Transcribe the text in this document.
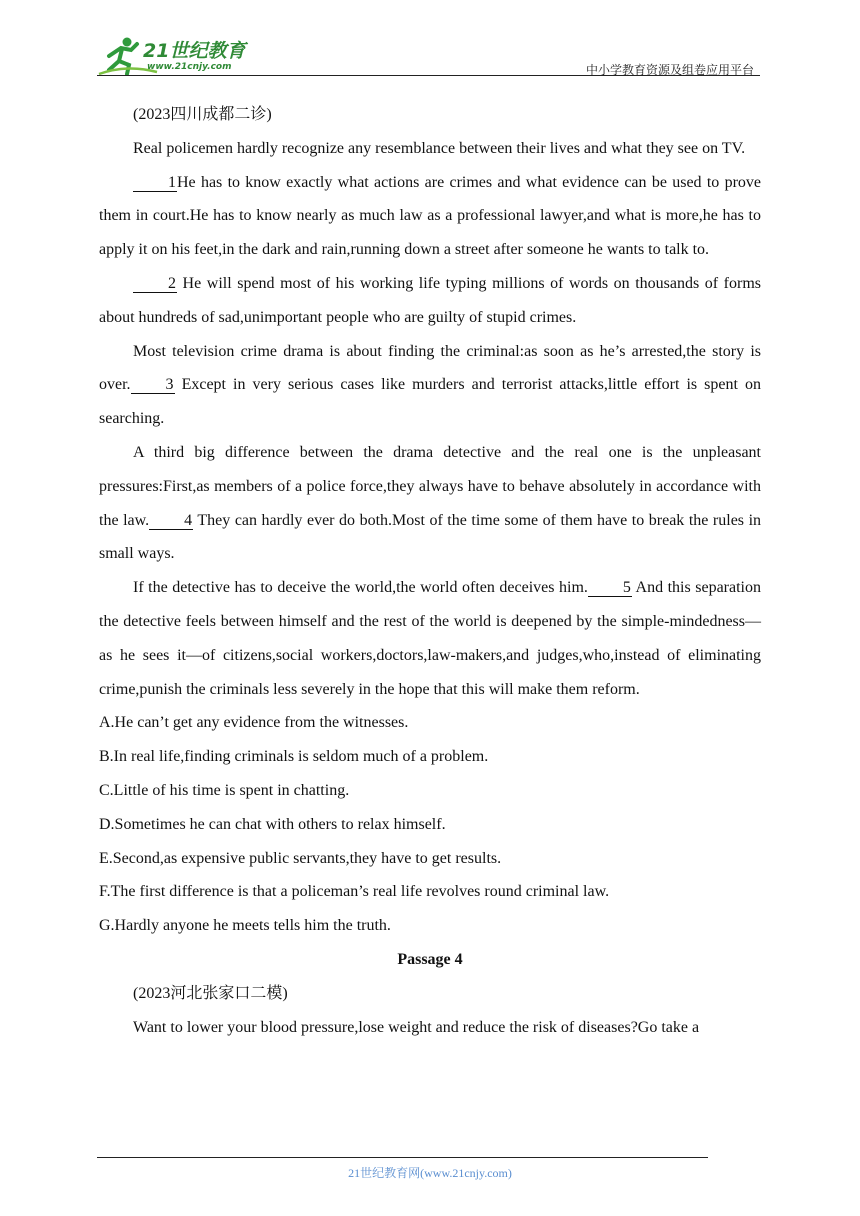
21世纪教育
www.21cnjy.com	中小学教育资源及组卷应用平台

(2023四川成都二诊)

Real policemen hardly recognize any resemblance between their lives and what they see on TV.

1He has to know exactly what actions are crimes and what evidence can be used to prove them in court.He has to know nearly as much law as a professional lawyer,and what is more,he has to apply it on his feet,in the dark and rain,running down a street after someone he wants to talk to.

2 He will spend most of his working life typing millions of words on thousands of forms about hundreds of sad,unimportant people who are guilty of stupid crimes.

Most television crime drama is about finding the criminal:as soon as he’s arrested,the story is over. 3 Except in very serious cases like murders and terrorist attacks,little effort is spent on searching.

A third big difference between the drama detective and the real one is the unpleasant pressures:First,as members of a police force,they always have to behave absolutely in accordance with the law. 4 They can hardly ever do both.Most of the time some of them have to break the rules in small ways.

If the detective has to deceive the world,the world often deceives him. 5 And this separation the detective feels between himself and the rest of the world is deepened by the simple-mindedness—as he sees it—of citizens,social workers,doctors,law-makers,and judges,who,instead of eliminating crime,punish the criminals less severely in the hope that this will make them reform.

A.He can’t get any evidence from the witnesses.

B.In real life,finding criminals is seldom much of a problem.

C.Little of his time is spent in chatting.

D.Sometimes he can chat with others to relax himself.

E.Second,as expensive public servants,they have to get results.

F.The first difference is that a policeman’s real life revolves round criminal law.

G.Hardly anyone he meets tells him the truth.

Passage 4

(2023河北张家口二模)

Want to lower your blood pressure,lose weight and reduce the risk of diseases?Go take a

21世纪教育网(www.21cnjy.com)
